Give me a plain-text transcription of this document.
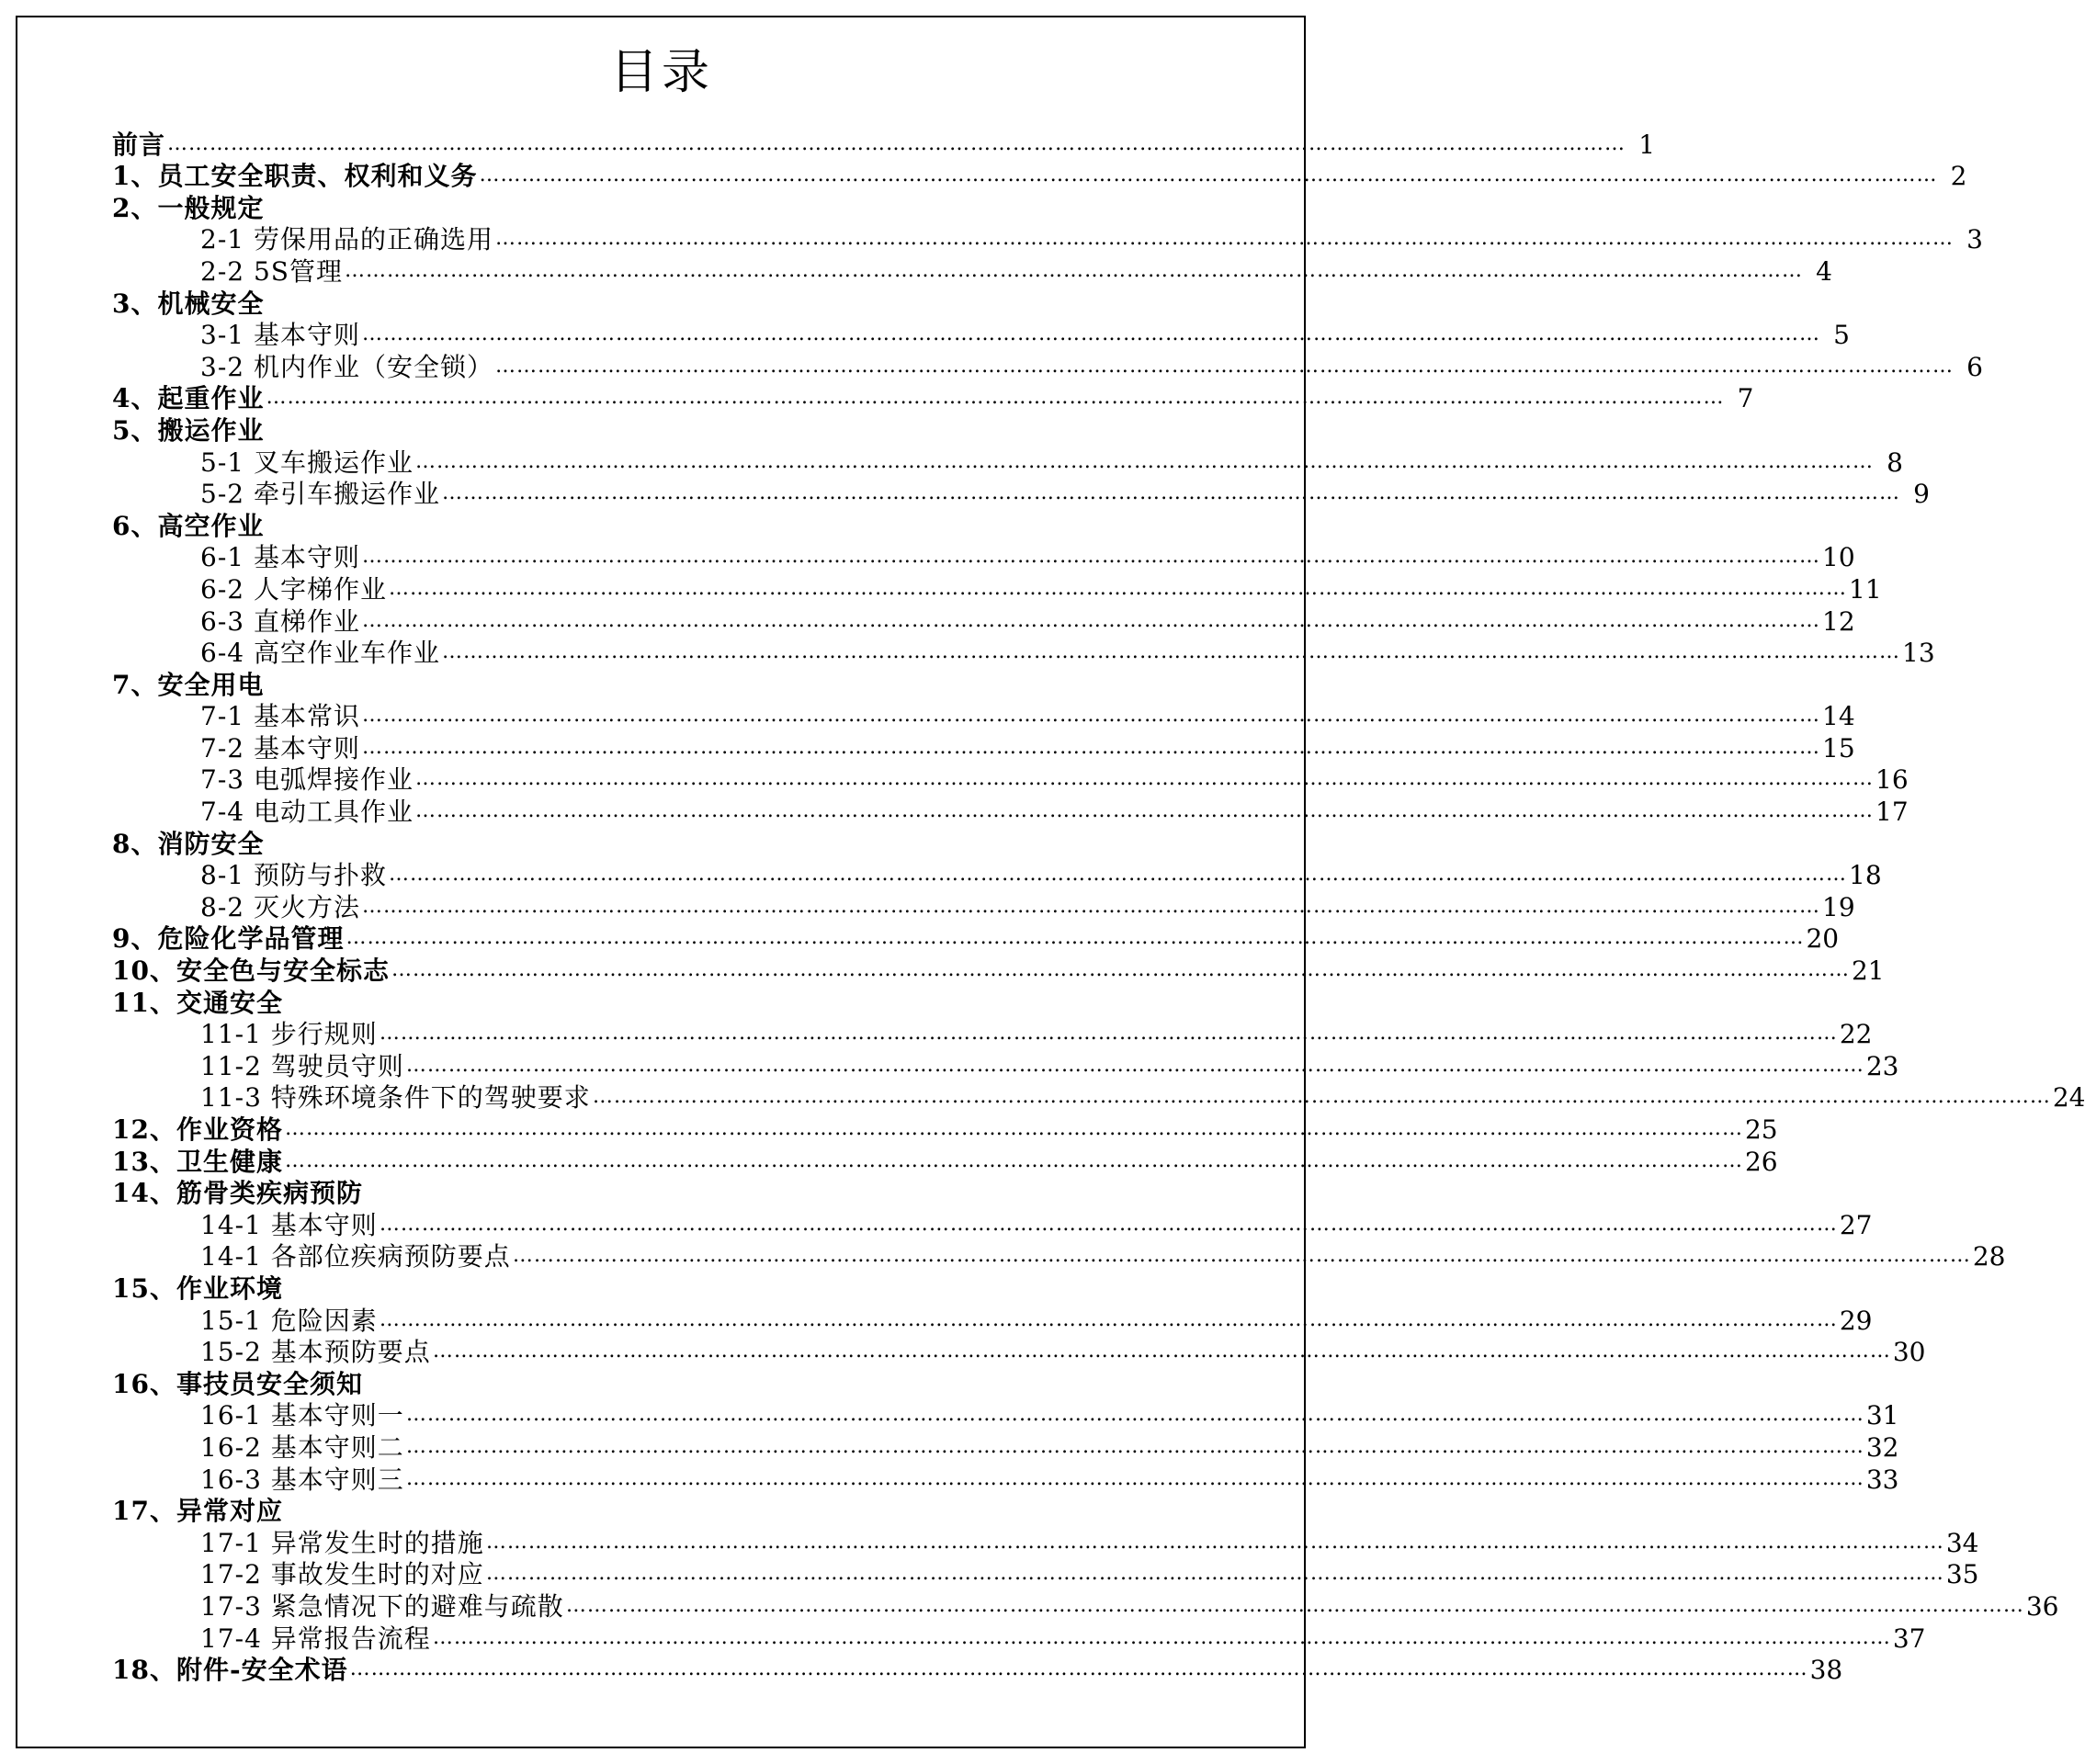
目录
前言 ……………………………………………………………………………………………………………………………………………………………………………………… 1
1、员工安全职责、权利和义务 ……………………………………………………………………………………………………………………………………………………………………………………… 2
2、一般规定
2-1 劳保用品的正确选用 ……………………………………………………………………………………………………………………………………………………………………………………… 3
2-2 5S管理 ……………………………………………………………………………………………………………………………………………………………………………………… 4
3、机械安全
3-1 基本守则 ……………………………………………………………………………………………………………………………………………………………………………………… 5
3-2 机内作业（安全锁） ……………………………………………………………………………………………………………………………………………………………………………………… 6
4、起重作业 ……………………………………………………………………………………………………………………………………………………………………………………… 7
5、搬运作业
5-1 叉车搬运作业 ……………………………………………………………………………………………………………………………………………………………………………………… 8
5-2 牵引车搬运作业 ……………………………………………………………………………………………………………………………………………………………………………………… 9
6、高空作业
6-1 基本守则 ……………………………………………………………………………………………………………………………………………………………………………………… 10
6-2 人字梯作业 ……………………………………………………………………………………………………………………………………………………………………………………… 11
6-3 直梯作业 ……………………………………………………………………………………………………………………………………………………………………………………… 12
6-4 高空作业车作业 ……………………………………………………………………………………………………………………………………………………………………………………… 13
7、安全用电
7-1 基本常识 ……………………………………………………………………………………………………………………………………………………………………………………… 14
7-2 基本守则 ……………………………………………………………………………………………………………………………………………………………………………………… 15
7-3 电弧焊接作业 ……………………………………………………………………………………………………………………………………………………………………………………… 16
7-4 电动工具作业 ……………………………………………………………………………………………………………………………………………………………………………………… 17
8、消防安全
8-1 预防与扑救 ……………………………………………………………………………………………………………………………………………………………………………………… 18
8-2 灭火方法 ……………………………………………………………………………………………………………………………………………………………………………………… 19
9、危险化学品管理 ……………………………………………………………………………………………………………………………………………………………………………………… 20
10、安全色与安全标志 ……………………………………………………………………………………………………………………………………………………………………………………… 21
11、交通安全
11-1 步行规则 ……………………………………………………………………………………………………………………………………………………………………………………… 22
11-2 驾驶员守则 ……………………………………………………………………………………………………………………………………………………………………………………… 23
11-3 特殊环境条件下的驾驶要求 ……………………………………………………………………………………………………………………………………………………………………………………… 24
12、作业资格 ……………………………………………………………………………………………………………………………………………………………………………………… 25
13、卫生健康 ……………………………………………………………………………………………………………………………………………………………………………………… 26
14、筋骨类疾病预防
14-1 基本守则 ……………………………………………………………………………………………………………………………………………………………………………………… 27
14-1 各部位疾病预防要点 ……………………………………………………………………………………………………………………………………………………………………………………… 28
15、作业环境
15-1 危险因素 ……………………………………………………………………………………………………………………………………………………………………………………… 29
15-2 基本预防要点 ……………………………………………………………………………………………………………………………………………………………………………………… 30
16、事技员安全须知
16-1 基本守则一 ……………………………………………………………………………………………………………………………………………………………………………………… 31
16-2 基本守则二 ……………………………………………………………………………………………………………………………………………………………………………………… 32
16-3 基本守则三 ……………………………………………………………………………………………………………………………………………………………………………………… 33
17、异常对应
17-1 异常发生时的措施 ……………………………………………………………………………………………………………………………………………………………………………………… 34
17-2 事故发生时的对应 ……………………………………………………………………………………………………………………………………………………………………………………… 35
17-3 紧急情况下的避难与疏散 ……………………………………………………………………………………………………………………………………………………………………………………… 36
17-4 异常报告流程 ……………………………………………………………………………………………………………………………………………………………………………………… 37
18、附件-安全术语 ……………………………………………………………………………………………………………………………………………………………………………………… 38
